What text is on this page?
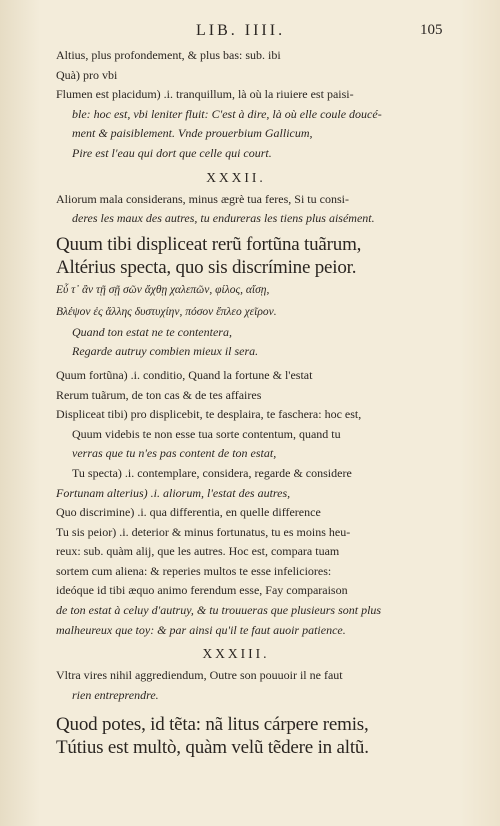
LIB. IIII.	105
Altius, plus profondement, & plus bas: sub. ibi
Quà) pro vbi
Flumen est placidum) .i. tranquillum, là où la riuiere est paisi-
ble: hoc est, vbi leniter fluit: C'est à dire, là où elle coule doucé-
ment & paisiblement. Vnde prouerbium Gallicum,
Pire est l'eau qui dort que celle qui court.
XXXII.
Aliorum mala considerans, minus ægrè tua feres, Si tu consi-
deres les maux des autres, tu endureras les tiens plus aisément.
Quum tibi displiceat rerũ fortũna tuãrum,
Altérius specta, quo sis discrímine peior.
Εὖ τ᾽ ἂν τῇ σῇ σῶν ἄχθῃ χαλεπῶν, φίλος, αἴσῃ,
Βλέψον ἐς ἄλλης δυστυχίην, πόσον ἔπλεο χεῖρον.
Quand ton estat ne te contentera,
Regarde autruy combien mieux il sera.
Quum fortũna) .i. conditio, Quand la fortune & l'estat
Rerum tuãrum, de ton cas & de tes affaires
Displiceat tibi) pro displicebit, te desplaira, te faschera: hoc est,
Quum videbis te non esse tua sorte contentum, quand tu
verras que tu n'es pas content de ton estat,
Tu specta) .i. contemplare, considera, regarde & considere
Fortunam alterius) .i. aliorum, l'estat des autres,
Quo discrimine) .i. qua differentia, en quelle difference
Tu sis peior) .i. deterior & minus fortunatus, tu es moins heu-
reux: sub. quàm alij, que les autres. Hoc est, compara tuam
sortem cum aliena: & reperies multos te esse infeliciores:
ideóque id tibi æquo animo ferendum esse, Fay comparaison
de ton estat à celuy d'autruy, & tu trouueras que plusieurs sont plus
malheureux que toy: & par ainsi qu'il te faut auoir patience.
XXXIII.
Vltra vires nihil aggrediendum, Outre son pouuoir il ne faut
rien entreprendre.
Quod potes, id tẽta: nã litus cárpere remis,
Tútius est multò, quàm velũ tẽdere in altũ.
